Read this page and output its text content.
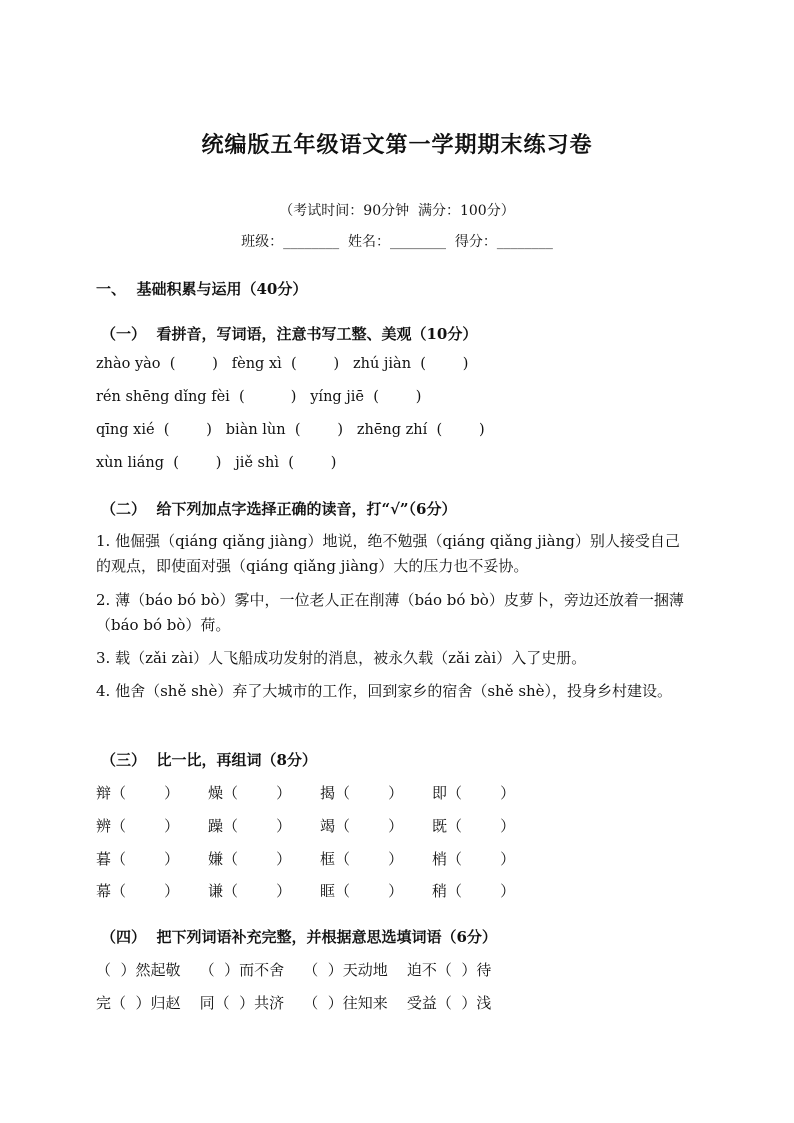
统编版五年级语文第一学期期末练习卷
（考试时间：90分钟  满分：100分）
班级：________  姓名：________  得分：________
一、  基础积累与运用（40分）
（一）  看拼音，写词语，注意书写工整、美观（10分）
zhào yào  (        )   fèng xì  (        )   zhú jiàn  (        )
rén shēng dǐng fèi  (          )   yíng jiē  (        )
qīng xié  (        )   biàn lùn  (        )   zhēng zhí  (        )
xùn liáng  (        )   jiě shì  (        )
（二）  给下列加点字选择正确的读音，打“√”（6分）
1. 他倔强（qiáng qiǎng jiàng）地说，绝不勉强（qiáng qiǎng jiàng）别人接受自己的观点，即使面对强（qiáng qiǎng jiàng）大的压力也不妥协。
2. 薄（báo bó bò）雾中，一位老人正在削薄（báo bó bò）皮萝卜，旁边还放着一捆薄（báo bó bò）荷。
3. 载（zǎi zài）人飞船成功发射的消息，被永久载（zǎi zài）入了史册。
4. 他舍（shě shè）弃了大城市的工作，回到家乡的宿舍（shě shè），投身乡村建设。
（三）  比一比，再组词（8分）
辩（        ） 燥（        ） 揭（        ） 即（        ）
辨（        ） 躁（        ） 竭（        ） 既（        ）
暮（        ） 嫌（        ） 框（        ） 梢（        ）
幕（        ） 谦（        ） 眶（        ） 稍（        ）
（四）  把下列词语补充完整，并根据意思选填词语（6分）
（  ）然起敬    （  ）而不舍    （  ）天动地    迫不（  ）待
完（  ）归赵    同（  ）共济    （  ）往知来    受益（  ）浅
